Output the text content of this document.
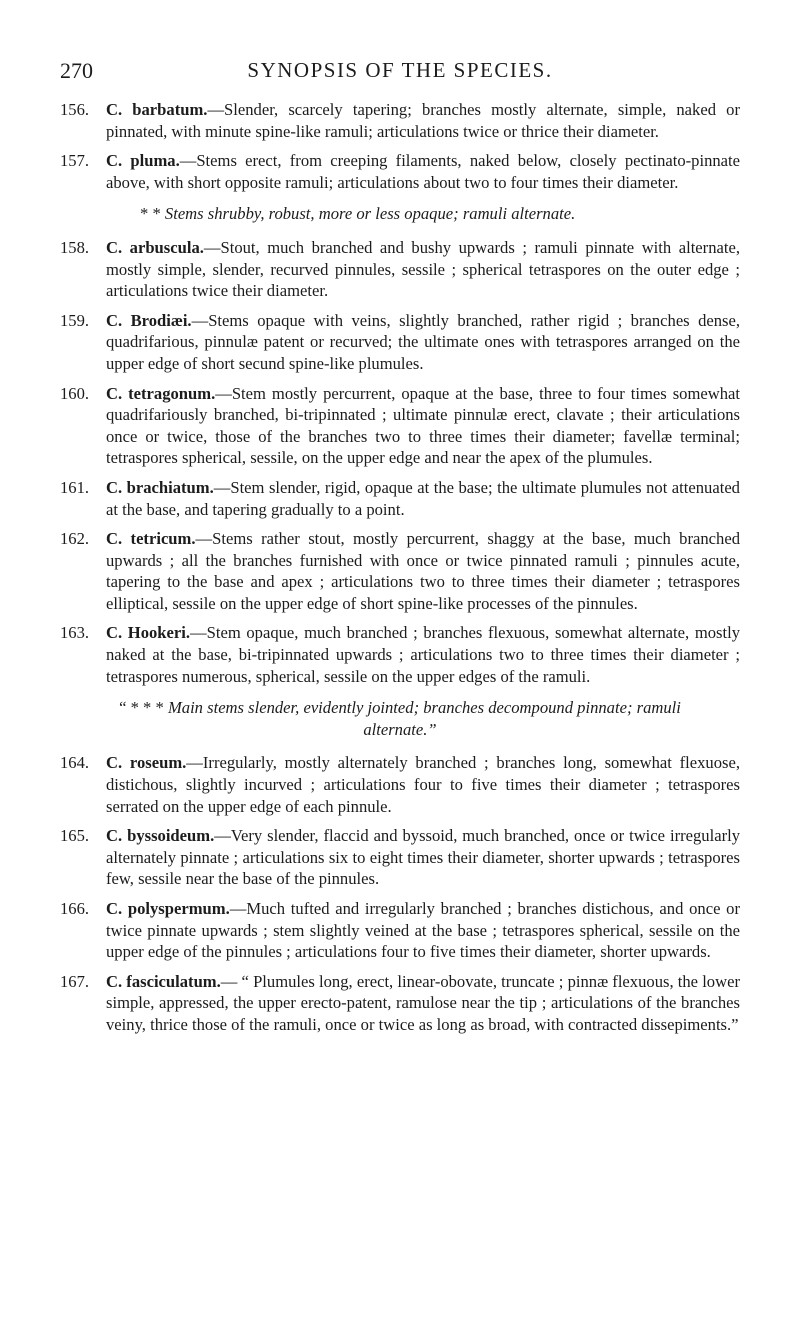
270	SYNOPSIS OF THE SPECIES.
156. C. barbatum.—Slender, scarcely tapering; branches mostly alternate, simple, naked or pinnated, with minute spine-like ramuli; articulations twice or thrice their diameter.
157. C. pluma.—Stems erect, from creeping filaments, naked below, closely pectinato-pinnate above, with short opposite ramuli; articulations about two to four times their diameter.
* * Stems shrubby, robust, more or less opaque; ramuli alternate.
158. C. arbuscula.—Stout, much branched and bushy upwards ; ramuli pinnate with alternate, mostly simple, slender, recurved pinnules, sessile ; spherical tetraspores on the outer edge ; articulations twice their diameter.
159. C. Brodiæi.—Stems opaque with veins, slightly branched, rather rigid ; branches dense, quadrifarious, pinnulæ patent or recurved; the ultimate ones with tetraspores arranged on the upper edge of short secund spine-like plumules.
160. C. tetragonum.—Stem mostly percurrent, opaque at the base, three to four times somewhat quadrifariously branched, bi-tripinnated ; ultimate pinnulæ erect, clavate ; their articulations once or twice, those of the branches two to three times their diameter; favellæ terminal; tetraspores spherical, sessile, on the upper edge and near the apex of the plumules.
161. C. brachiatum.—Stem slender, rigid, opaque at the base; the ultimate plumules not attenuated at the base, and tapering gradually to a point.
162. C. tetricum.—Stems rather stout, mostly percurrent, shaggy at the base, much branched upwards ; all the branches furnished with once or twice pinnated ramuli ; pinnules acute, tapering to the base and apex ; articulations two to three times their diameter ; tetraspores elliptical, sessile on the upper edge of short spine-like processes of the pinnules.
163. C. Hookeri.—Stem opaque, much branched ; branches flexuous, somewhat alternate, mostly naked at the base, bi-tripinnated upwards ; articulations two to three times their diameter ; tetraspores numerous, spherical, sessile on the upper edges of the ramuli.
“ * * * Main stems slender, evidently jointed; branches decompound pinnate; ramuli alternate.”
164. C. roseum.—Irregularly, mostly alternately branched ; branches long, somewhat flexuose, distichous, slightly incurved ; articulations four to five times their diameter ; tetraspores serrated on the upper edge of each pinnule.
165. C. byssoideum.—Very slender, flaccid and byssoid, much branched, once or twice irregularly alternately pinnate ; articulations six to eight times their diameter, shorter upwards ; tetraspores few, sessile near the base of the pinnules.
166. C. polyspermum.—Much tufted and irregularly branched ; branches distichous, and once or twice pinnate upwards ; stem slightly veined at the base ; tetraspores spherical, sessile on the upper edge of the pinnules ; articulations four to five times their diameter, shorter upwards.
167. C. fasciculatum.— “ Plumules long, erect, linear-obovate, truncate ; pinnæ flexuous, the lower simple, appressed, the upper erecto-patent, ramulose near the tip ; articulations of the branches veiny, thrice those of the ramuli, once or twice as long as broad, with contracted dissepiments.”
